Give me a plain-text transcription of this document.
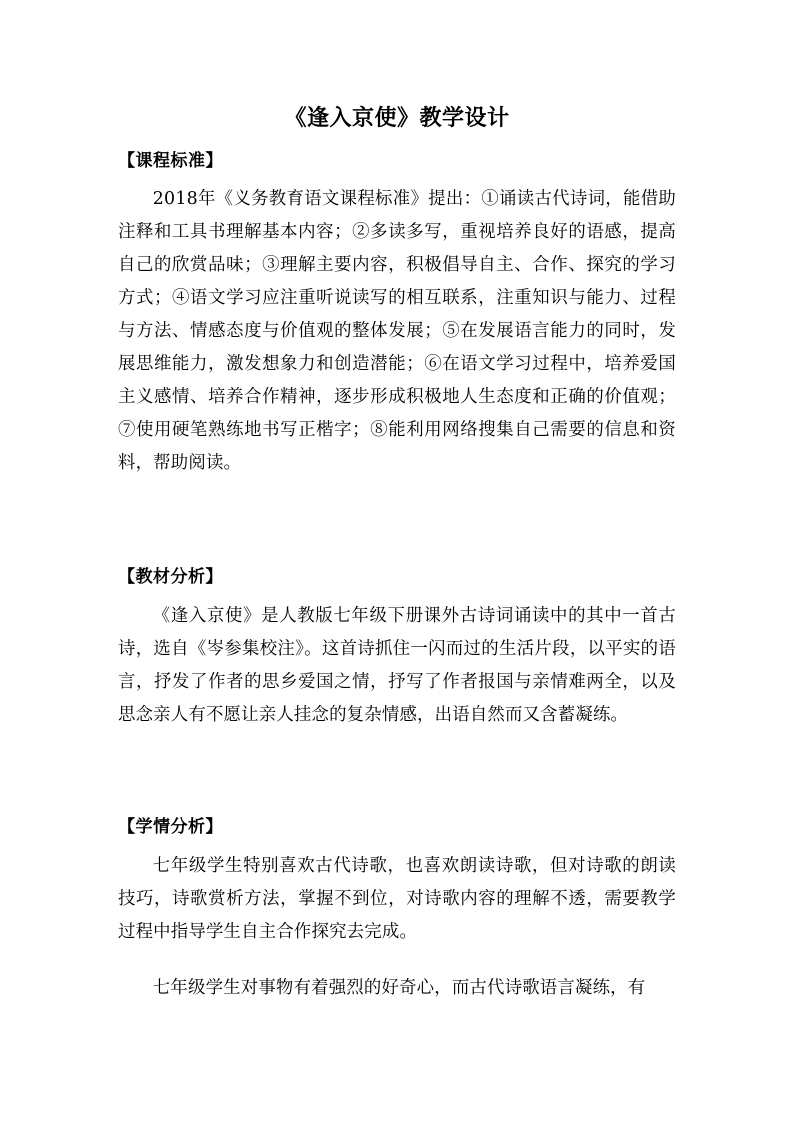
《逢入京使》教学设计
【课程标准】

2018年《义务教育语文课程标准》提出：①诵读古代诗词，能借助注释和工具书理解基本内容；②多读多写，重视培养良好的语感，提高自己的欣赏品味；③理解主要内容，积极倡导自主、合作、探究的学习方式；④语文学习应注重听说读写的相互联系，注重知识与能力、过程与方法、情感态度与价值观的整体发展；⑤在发展语言能力的同时，发展思维能力，激发想象力和创造潜能；⑥在语文学习过程中，培养爱国主义感情、培养合作精神，逐步形成积极地人生态度和正确的价值观；⑦使用硬笔熟练地书写正楷字；⑧能利用网络搜集自己需要的信息和资料，帮助阅读。

【教材分析】

《逢入京使》是人教版七年级下册课外古诗词诵读中的其中一首古诗，选自《岑参集校注》。这首诗抓住一闪而过的生活片段，以平实的语言，抒发了作者的思乡爱国之情，抒写了作者报国与亲情难两全，以及思念亲人有不愿让亲人挂念的复杂情感，出语自然而又含蓄凝练。

【学情分析】

七年级学生特别喜欢古代诗歌，也喜欢朗读诗歌，但对诗歌的朗读技巧，诗歌赏析方法，掌握不到位，对诗歌内容的理解不透，需要教学过程中指导学生自主合作探究去完成。

七年级学生对事物有着强烈的好奇心，而古代诗歌语言凝练，有
